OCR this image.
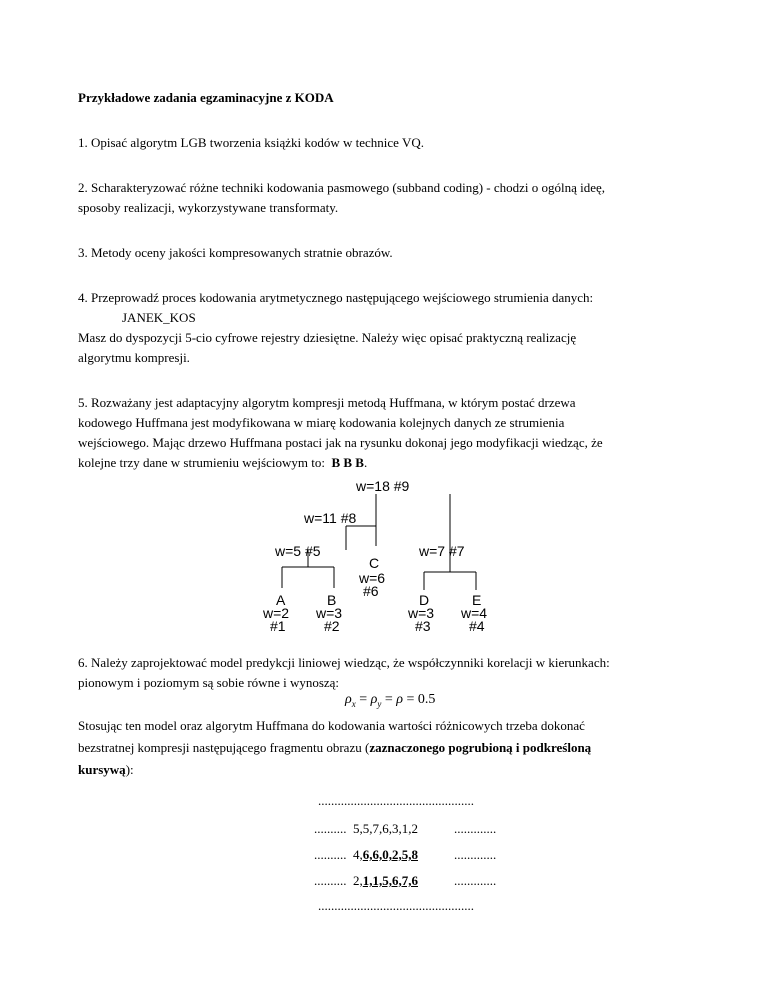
Przykładowe zadania egzaminacyjne z KODA

1. Opisać algorytm LGB tworzenia książki kodów w technice VQ.

2. Scharakteryzować różne techniki kodowania pasmowego (subband coding) - chodzi o ogólną ideę,

sposoby realizacji, wykorzystywane transformaty.

3. Metody oceny jakości kompresowanych stratnie obrazów.

4. Przeprowadź proces kodowania arytmetycznego następującego wejściowego strumienia danych:

JANEK_KOS

Masz do dyspozycji 5-cio cyfrowe rejestry dziesiętne. Należy więc opisać praktyczną realizację

algorytmu kompresji.

5. Rozważany jest adaptacyjny algorytm kompresji metodą Huffmana, w którym postać drzewa

kodowego Huffmana jest modyfikowana w miarę kodowania kolejnych danych ze strumienia

wejściowego. Mając drzewo Huffmana postaci jak na rysunku dokonaj jego modyfikacji wiedząc, że

kolejne trzy dane w strumieniu wejściowym to: B B B.

w=18 #9
w=11 #8
w=5 #5	w=7 #7
C
w=6
#6
A
w=2
#1
B
w=3
#2
D
w=3
#3
E
w=4
#4

6. Należy zaprojektować model predykcji liniowej wiedząc, że współczynniki korelacji w kierunkach:

pionowym i poziomym są sobie równe i wynoszą:

$\rho_x = \rho_y = \rho = 0.5$

Stosując ten model oraz algorytm Huffmana do kodowania wartości różnicowych trzeba dokonać

bezstratnej kompresji następującego fragmentu obrazu (zaznaczonego pogrubioną i podkreśloną

kursywą):

................................................
.......... 5,5,7,6,3,1,2	.............
.......... 4,6,6,0,2,5,8	.............
.......... 2,1,1,5,6,7,6	.............
................................................
